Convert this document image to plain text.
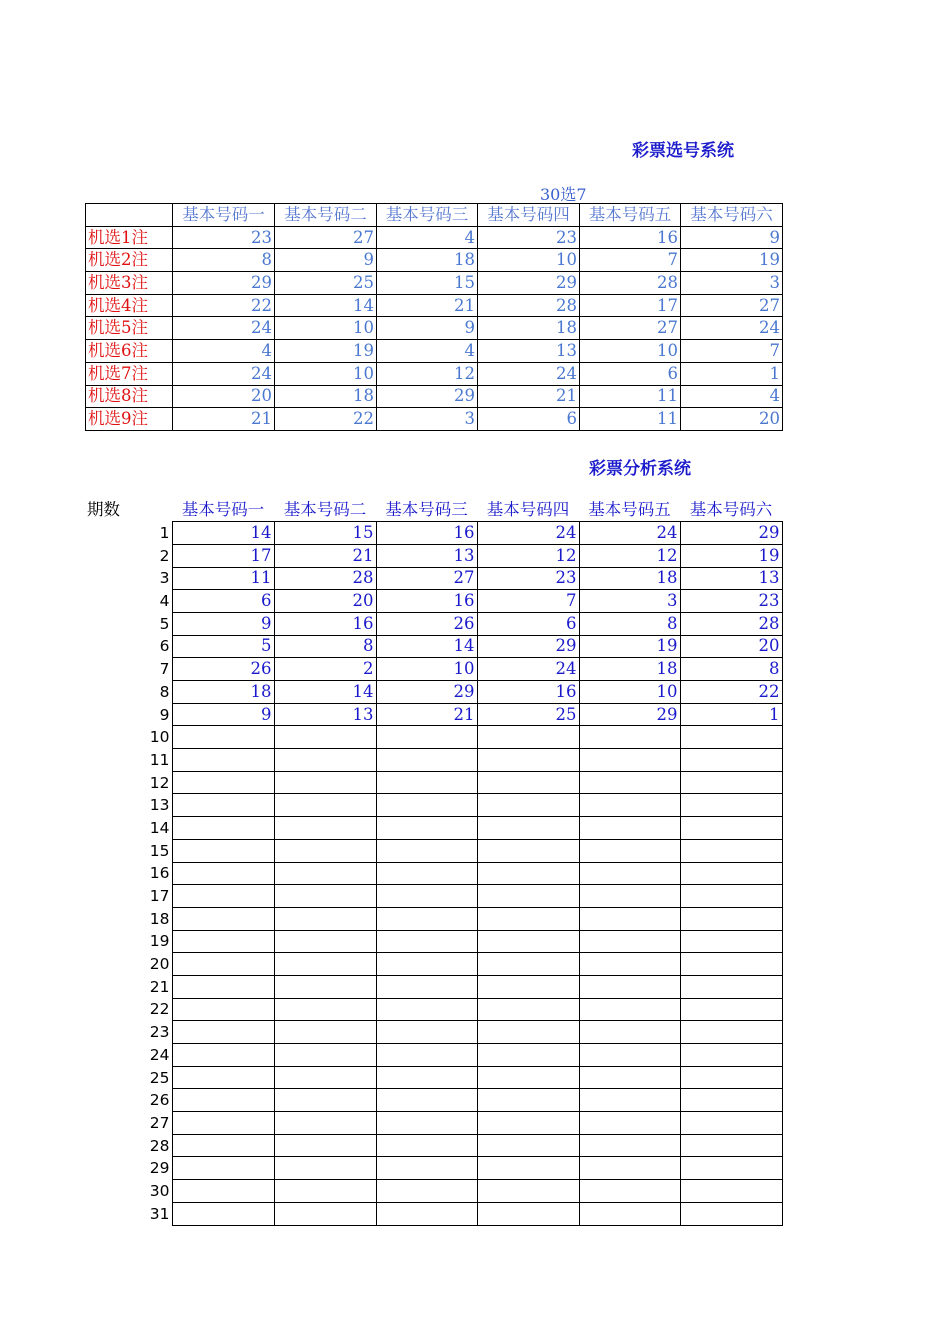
彩票选号系统
30选7
	基本号码一	基本号码二	基本号码三	基本号码四	基本号码五	基本号码六
机选1注	23	27	4	23	16	9
机选2注	8	9	18	10	7	19
机选3注	29	25	15	29	28	3
机选4注	22	14	21	28	17	27
机选5注	24	10	9	18	27	24
机选6注	4	19	4	13	10	7
机选7注	24	10	12	24	6	1
机选8注	20	18	29	21	11	4
机选9注	21	22	3	6	11	20
彩票分析系统
期数	基本号码一	基本号码二	基本号码三	基本号码四	基本号码五	基本号码六
1	14	15	16	24	24	29
2	17	21	13	12	12	19
3	11	28	27	23	18	13
4	6	20	16	7	3	23
5	9	16	26	6	8	28
6	5	8	14	29	19	20
7	26	2	10	24	18	8
8	18	14	29	16	10	22
9	9	13	21	25	29	1
10						
11						
12						
13						
14						
15						
16						
17						
18						
19						
20						
21						
22						
23						
24						
25						
26						
27						
28						
29						
30						
31						
